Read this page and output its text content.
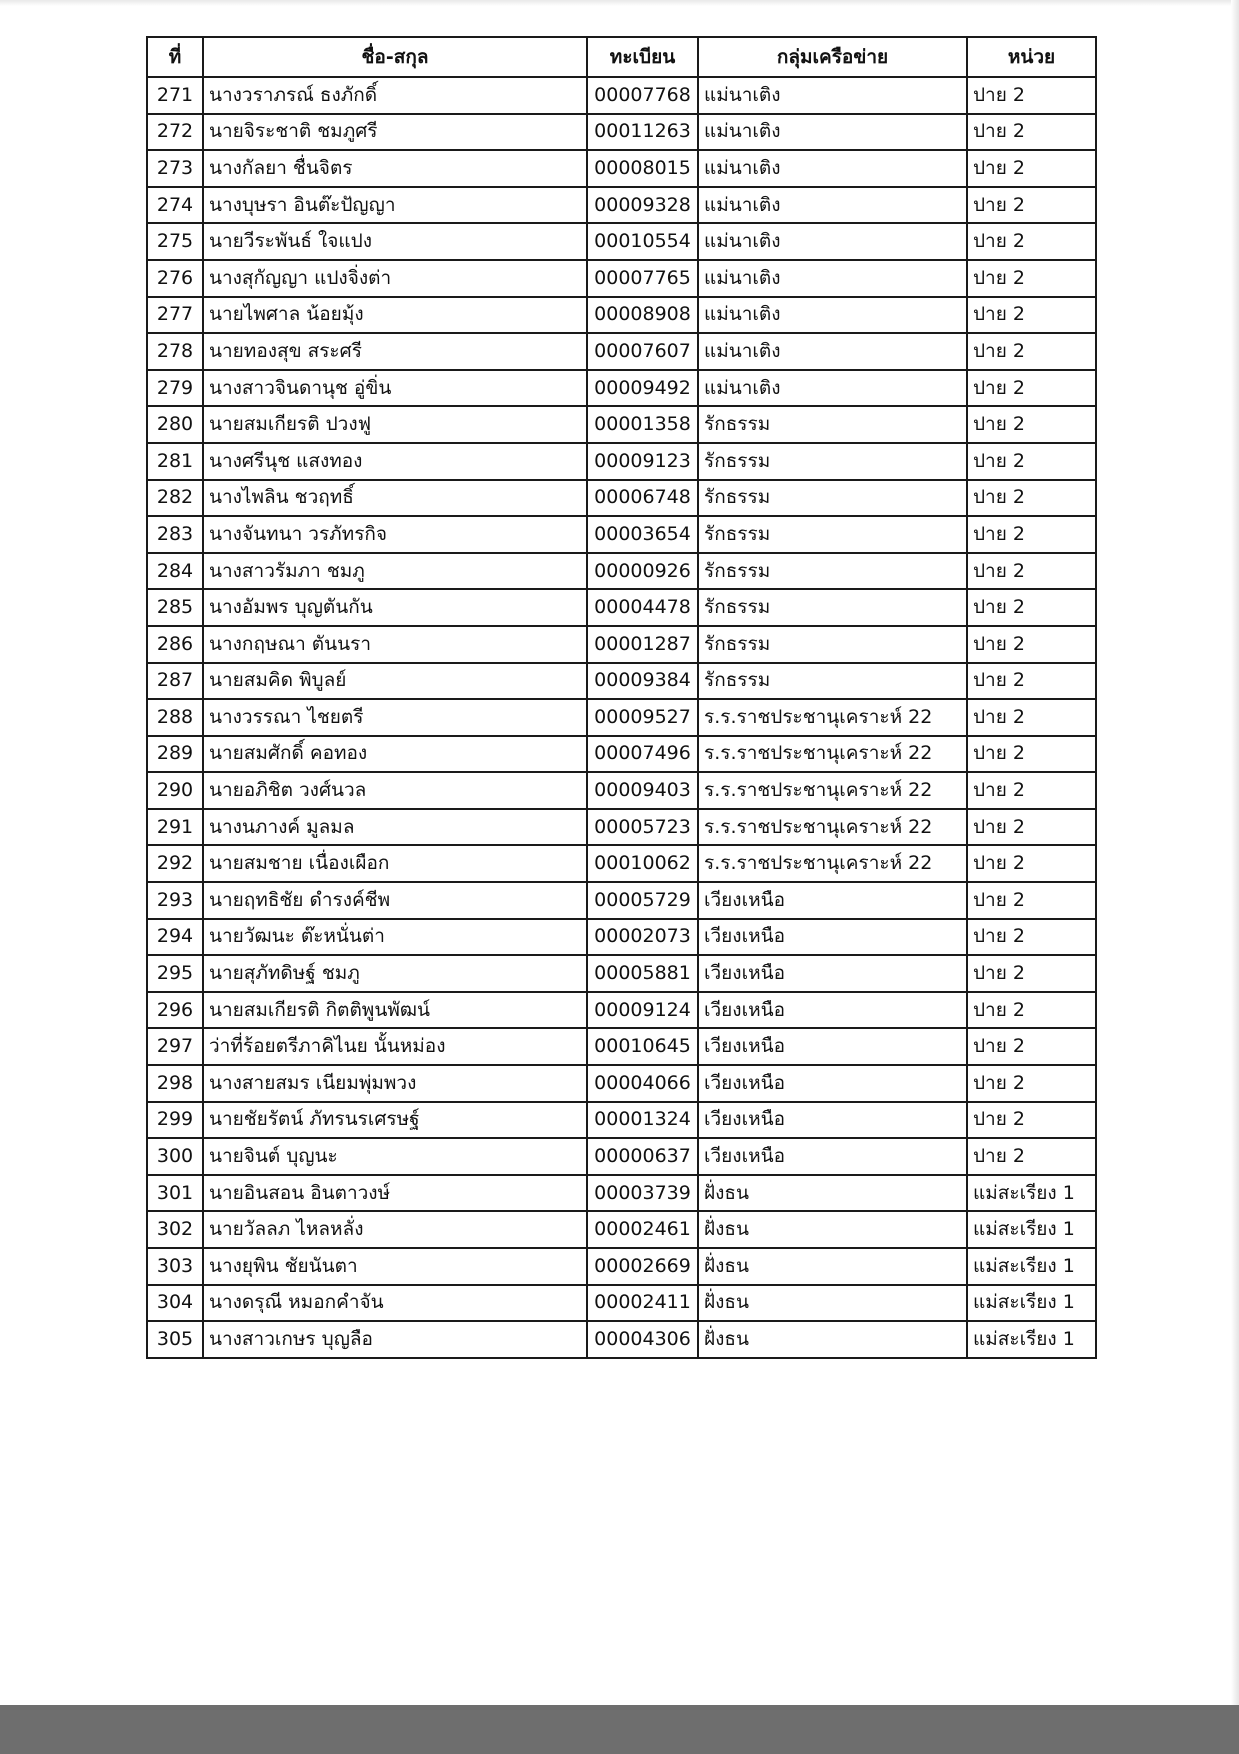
ที่	ชื่อ-สกุล	ทะเบียน	กลุ่มเครือข่าย	หน่วย
271	นางวราภรณ์ ธงภักดิ์	00007768	แม่นาเติง	ปาย 2
272	นายจิระชาติ ชมภูศรี	00011263	แม่นาเติง	ปาย 2
273	นางกัลยา ชื่นจิตร	00008015	แม่นาเติง	ปาย 2
274	นางบุษรา อินต๊ะปัญญา	00009328	แม่นาเติง	ปาย 2
275	นายวีระพันธ์ ใจแปง	00010554	แม่นาเติง	ปาย 2
276	นางสุกัญญา แปงจิ่งต่า	00007765	แม่นาเติง	ปาย 2
277	นายไพศาล น้อยมุ้ง	00008908	แม่นาเติง	ปาย 2
278	นายทองสุข สระศรี	00007607	แม่นาเติง	ปาย 2
279	นางสาวจินดานุช อู่ขิ่น	00009492	แม่นาเติง	ปาย 2
280	นายสมเกียรติ ปวงฟู	00001358	รักธรรม	ปาย 2
281	นางศรีนุช แสงทอง	00009123	รักธรรม	ปาย 2
282	นางไพลิน ชวฤทธิ์	00006748	รักธรรม	ปาย 2
283	นางจันทนา วรภัทรกิจ	00003654	รักธรรม	ปาย 2
284	นางสาวรัมภา ชมภู	00000926	รักธรรม	ปาย 2
285	นางอัมพร บุญตันกัน	00004478	รักธรรม	ปาย 2
286	นางกฤษณา ตันนรา	00001287	รักธรรม	ปาย 2
287	นายสมคิด พิบูลย์	00009384	รักธรรม	ปาย 2
288	นางวรรณา ไชยตรี	00009527	ร.ร.ราชประชานุเคราะห์ 22	ปาย 2
289	นายสมศักดิ์ คอทอง	00007496	ร.ร.ราชประชานุเคราะห์ 22	ปาย 2
290	นายอภิชิต วงศ์นวล	00009403	ร.ร.ราชประชานุเคราะห์ 22	ปาย 2
291	นางนภางค์ มูลมล	00005723	ร.ร.ราชประชานุเคราะห์ 22	ปาย 2
292	นายสมชาย เนื่องเผือก	00010062	ร.ร.ราชประชานุเคราะห์ 22	ปาย 2
293	นายฤทธิชัย ดำรงค์ชีพ	00005729	เวียงเหนือ	ปาย 2
294	นายวัฒนะ ต๊ะหนั่นต่า	00002073	เวียงเหนือ	ปาย 2
295	นายสุภัทดิษฐ์ ชมภู	00005881	เวียงเหนือ	ปาย 2
296	นายสมเกียรติ กิตติพูนพัฒน์	00009124	เวียงเหนือ	ปาย 2
297	ว่าที่ร้อยตรีภาคิไนย นั้นหม่อง	00010645	เวียงเหนือ	ปาย 2
298	นางสายสมร เนียมพุ่มพวง	00004066	เวียงเหนือ	ปาย 2
299	นายชัยรัตน์ ภัทรนรเศรษฐ์	00001324	เวียงเหนือ	ปาย 2
300	นายจินต์ บุญนะ	00000637	เวียงเหนือ	ปาย 2
301	นายอินสอน อินตาวงษ์	00003739	ฝั่งธน	แม่สะเรียง 1
302	นายวัลลภ ไหลหลั่ง	00002461	ฝั่งธน	แม่สะเรียง 1
303	นางยุพิน ชัยนันตา	00002669	ฝั่งธน	แม่สะเรียง 1
304	นางดรุณี หมอกคำจัน	00002411	ฝั่งธน	แม่สะเรียง 1
305	นางสาวเกษร บุญลือ	00004306	ฝั่งธน	แม่สะเรียง 1
